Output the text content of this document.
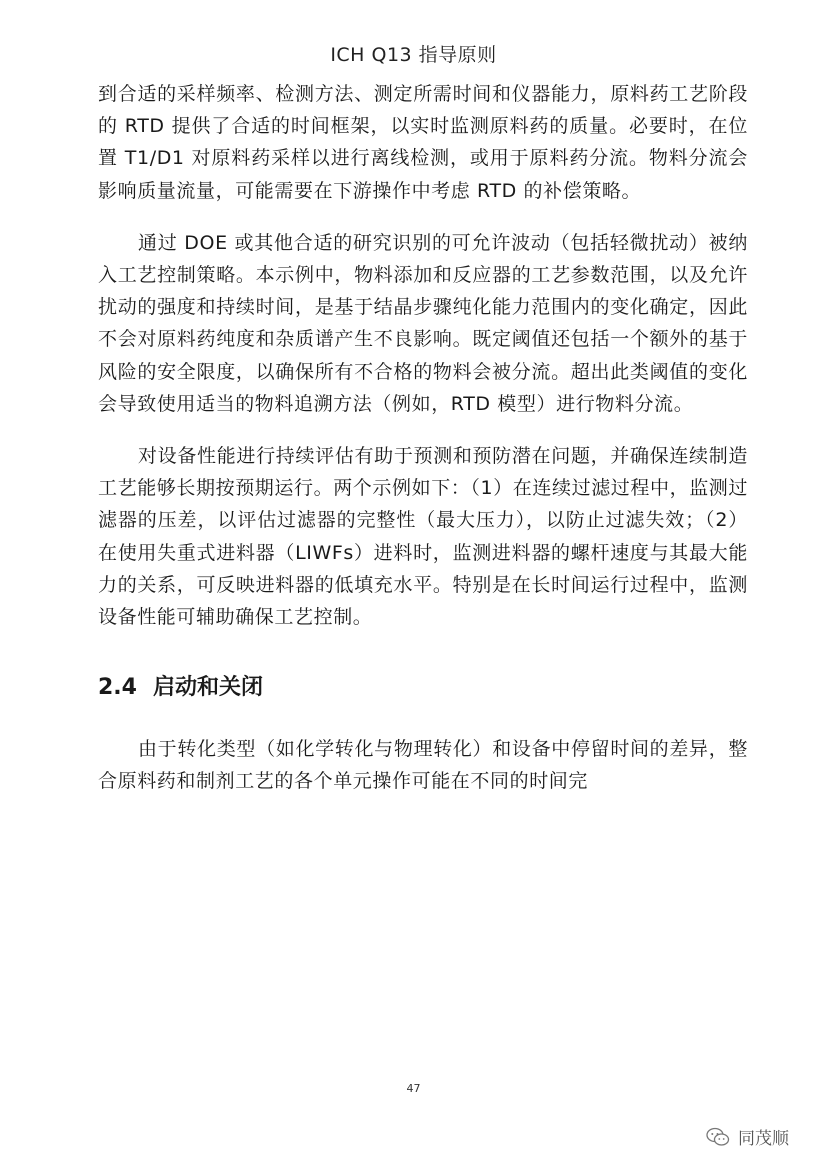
ICH Q13 指导原则

到合适的采样频率、检测方法、测定所需时间和仪器能力，原料药工艺阶段的 RTD 提供了合适的时间框架，以实时监测原料药的质量。必要时，在位置 T1/D1 对原料药采样以进行离线检测，或用于原料药分流。物料分流会影响质量流量，可能需要在下游操作中考虑 RTD 的补偿策略。

通过 DOE 或其他合适的研究识别的可允许波动（包括轻微扰动）被纳入工艺控制策略。本示例中，物料添加和反应器的工艺参数范围，以及允许扰动的强度和持续时间，是基于结晶步骤纯化能力范围内的变化确定，因此不会对原料药纯度和杂质谱产生不良影响。既定阈值还包括一个额外的基于风险的安全限度，以确保所有不合格的物料会被分流。超出此类阈值的变化会导致使用适当的物料追溯方法（例如，RTD 模型）进行物料分流。

对设备性能进行持续评估有助于预测和预防潜在问题，并确保连续制造工艺能够长期按预期运行。两个示例如下：（1）在连续过滤过程中，监测过滤器的压差，以评估过滤器的完整性（最大压力），以防止过滤失效；（2）在使用失重式进料器（LIWFs）进料时，监测进料器的螺杆速度与其最大能力的关系，可反映进料器的低填充水平。特别是在长时间运行过程中，监测设备性能可辅助确保工艺控制。

2.4 启动和关闭

由于转化类型（如化学转化与物理转化）和设备中停留时间的差异，整合原料药和制剂工艺的各个单元操作可能在不同的时间完

47
同茂顺
